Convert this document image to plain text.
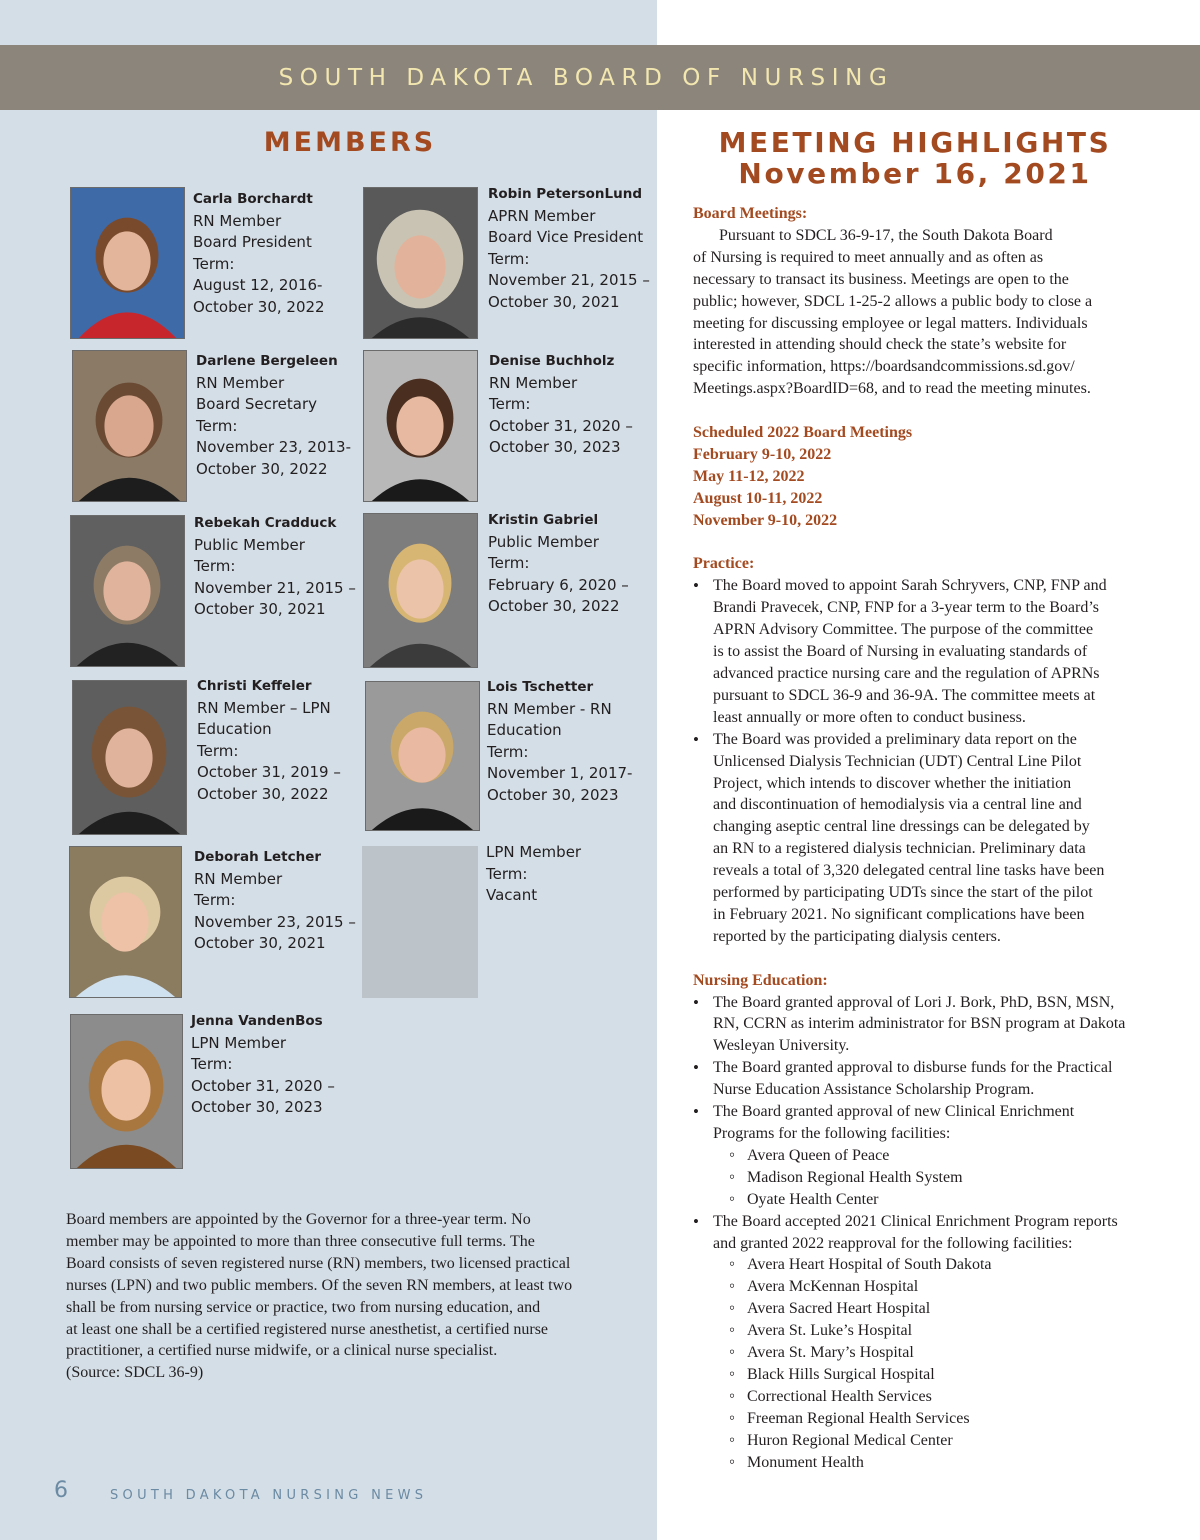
SOUTH DAKOTA BOARD OF NURSING
MEMBERS	MEETING HIGHLIGHTS
November 16, 2021
Carla Borchardt
RN Member
Board President
Term:
August 12, 2016-
October 30, 2022
Robin PetersonLund
APRN Member
Board Vice President
Term:
November 21, 2015 –
October 30, 2021
Darlene Bergeleen
RN Member
Board Secretary
Term:
November 23, 2013-
October 30, 2022
Denise Buchholz
RN Member
Term:
October 31, 2020 –
October 30, 2023
Rebekah Cradduck
Public Member
Term:
November 21, 2015 –
October 30, 2021
Kristin Gabriel
Public Member
Term:
February 6, 2020 –
October 30, 2022
Christi Keffeler
RN Member – LPN
Education
Term:
October 31, 2019 –
October 30, 2022
Lois Tschetter
RN Member - RN
Education
Term:
November 1, 2017-
October 30, 2023
Deborah Letcher
RN Member
Term:
November 23, 2015 –
October 30, 2021
LPN Member
Term:
Vacant
Jenna VandenBos
LPN Member
Term:
October 31, 2020 –
October 30, 2023
Board members are appointed by the Governor for a three-year term. No
member may be appointed to more than three consecutive full terms. The
Board consists of seven registered nurse (RN) members, two licensed practical
nurses (LPN) and two public members. Of the seven RN members, at least two
shall be from nursing service or practice, two from nursing education, and
at least one shall be a certified registered nurse anesthetist, a certified nurse
practitioner, a certified nurse midwife, or a clinical nurse specialist.
(Source: SDCL 36-9)
6	SOUTH DAKOTA NURSING NEWS
Board Meetings:
Pursuant to SDCL 36-9-17, the South Dakota Board
of Nursing is required to meet annually and as often as
necessary to transact its business. Meetings are open to the
public; however, SDCL 1-25-2 allows a public body to close a
meeting for discussing employee or legal matters. Individuals
interested in attending should check the state’s website for
specific information, https://boardsandcommissions.sd.gov/
Meetings.aspx?BoardID=68, and to read the meeting minutes.
Scheduled 2022 Board Meetings
February 9-10, 2022
May 11-12, 2022
August 10-11, 2022
November 9-10, 2022
Practice:
• The Board moved to appoint Sarah Schryvers, CNP, FNP and
Brandi Pravecek, CNP, FNP for a 3-year term to the Board’s
APRN Advisory Committee. The purpose of the committee
is to assist the Board of Nursing in evaluating standards of
advanced practice nursing care and the regulation of APRNs
pursuant to SDCL 36-9 and 36-9A. The committee meets at
least annually or more often to conduct business.
• The Board was provided a preliminary data report on the
Unlicensed Dialysis Technician (UDT) Central Line Pilot
Project, which intends to discover whether the initiation
and discontinuation of hemodialysis via a central line and
changing aseptic central line dressings can be delegated by
an RN to a registered dialysis technician. Preliminary data
reveals a total of 3,320 delegated central line tasks have been
performed by participating UDTs since the start of the pilot
in February 2021. No significant complications have been
reported by the participating dialysis centers.
Nursing Education:
• The Board granted approval of Lori J. Bork, PhD, BSN, MSN,
RN, CCRN as interim administrator for BSN program at Dakota
Wesleyan University.
• The Board granted approval to disburse funds for the Practical
Nurse Education Assistance Scholarship Program.
• The Board granted approval of new Clinical Enrichment
Programs for the following facilities:
◦ Avera Queen of Peace
◦ Madison Regional Health System
◦ Oyate Health Center
• The Board accepted 2021 Clinical Enrichment Program reports
and granted 2022 reapproval for the following facilities:
◦ Avera Heart Hospital of South Dakota
◦ Avera McKennan Hospital
◦ Avera Sacred Heart Hospital
◦ Avera St. Luke’s Hospital
◦ Avera St. Mary’s Hospital
◦ Black Hills Surgical Hospital
◦ Correctional Health Services
◦ Freeman Regional Health Services
◦ Huron Regional Medical Center
◦ Monument Health
